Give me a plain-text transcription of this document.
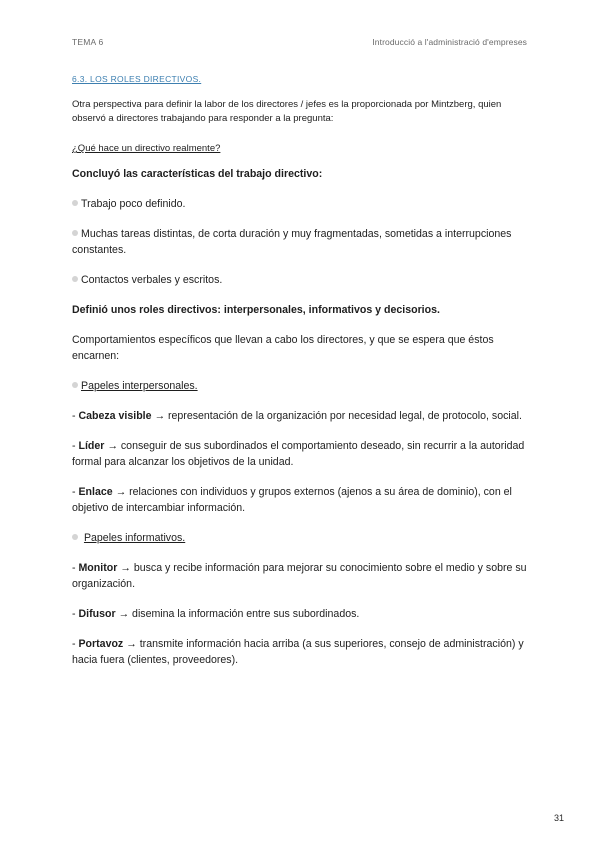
TEMA 6	Introducció a l'administració d'empreses

6.3. LOS ROLES DIRECTIVOS.

Otra perspectiva para definir la labor de los directores / jefes es la proporcionada por Mintzberg, quien observó a directores trabajando para responder a la pregunta:

¿Qué hace un directivo realmente?

Concluyó las características del trabajo directivo:

Trabajo poco definido.

Muchas tareas distintas, de corta duración y muy fragmentadas, sometidas a interrupciones constantes.

Contactos verbales y escritos.

Definió unos roles directivos: interpersonales, informativos y decisorios.

Comportamientos específicos que llevan a cabo los directores, y que se espera que éstos encarnen:

Papeles interpersonales.

- Cabeza visible → representación de la organización por necesidad legal, de protocolo, social.

- Líder → conseguir de sus subordinados el comportamiento deseado, sin recurrir a la autoridad formal para alcanzar los objetivos de la unidad.

- Enlace → relaciones con individuos y grupos externos (ajenos a su área de dominio), con el objetivo de intercambiar información.

Papeles informativos.

- Monitor → busca y recibe información para mejorar su conocimiento sobre el medio y sobre su organización.

- Difusor → disemina la información entre sus subordinados.

- Portavoz → transmite información hacia arriba (a sus superiores, consejo de administración) y hacia fuera (clientes, proveedores).

31
